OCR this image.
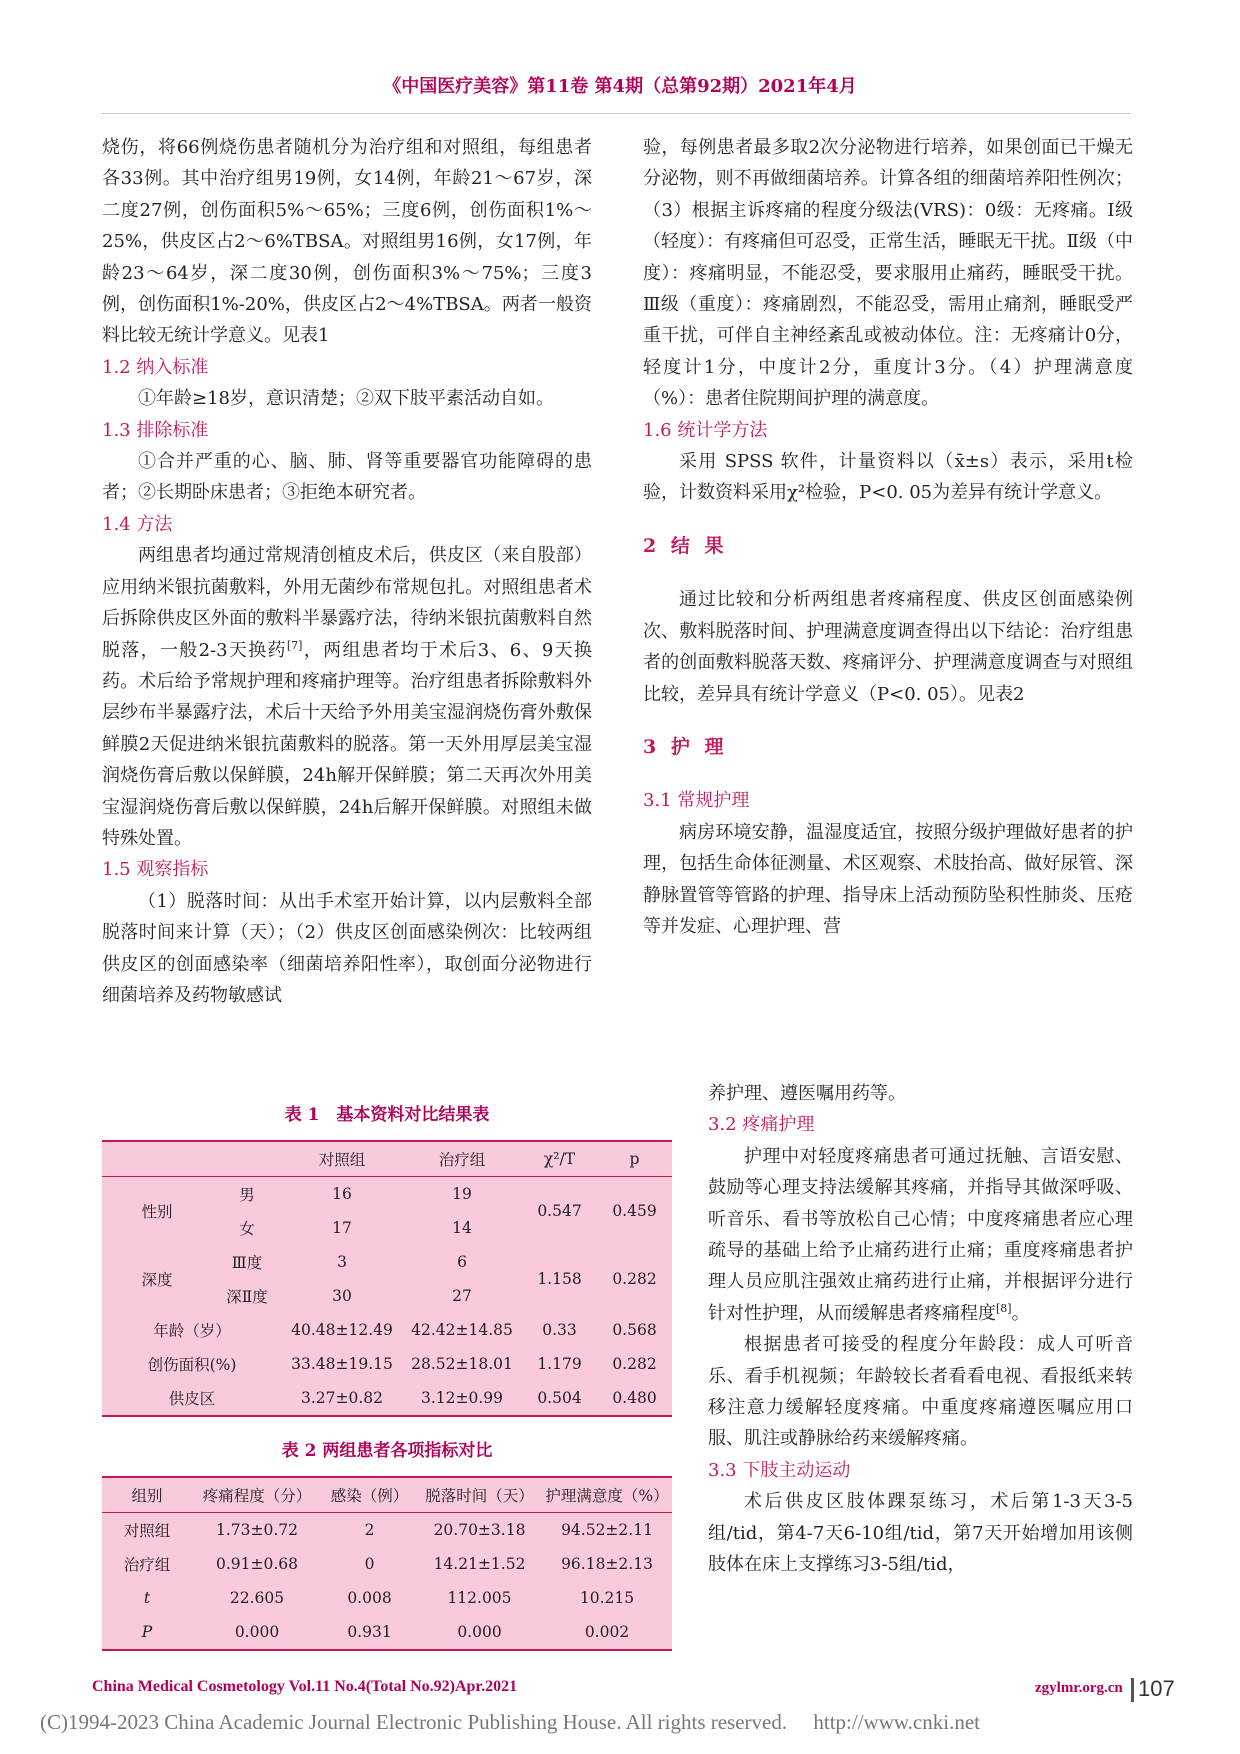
《中国医疗美容》第11卷 第4期（总第92期）2021年4月

烧伤，将66例烧伤患者随机分为治疗组和对照组，每组患者各33例。其中治疗组男19例，女14例，年龄21～67岁，深二度27例，创伤面积5%～65%；三度6例，创伤面积1%～25%，供皮区占2～6%TBSA。对照组男16例，女17例，年龄23～64岁，深二度30例，创伤面积3%～75%；三度3例，创伤面积1%-20%，供皮区占2～4%TBSA。两者一般资料比较无统计学意义。见表1

1.2 纳入标准

①年龄≥18岁，意识清楚；②双下肢平素活动自如。

1.3 排除标准

①合并严重的心、脑、肺、肾等重要器官功能障碍的患者；②长期卧床患者；③拒绝本研究者。

1.4 方法

两组患者均通过常规清创植皮术后，供皮区（来自股部）应用纳米银抗菌敷料，外用无菌纱布常规包扎。对照组患者术后拆除供皮区外面的敷料半暴露疗法，待纳米银抗菌敷料自然脱落，一般2-3天换药[7]，两组患者均于术后3、6、9天换药。术后给予常规护理和疼痛护理等。治疗组患者拆除敷料外层纱布半暴露疗法，术后十天给予外用美宝湿润烧伤膏外敷保鲜膜2天促进纳米银抗菌敷料的脱落。第一天外用厚层美宝湿润烧伤膏后敷以保鲜膜，24h解开保鲜膜；第二天再次外用美宝湿润烧伤膏后敷以保鲜膜，24h后解开保鲜膜。对照组未做特殊处置。

1.5 观察指标

（1）脱落时间：从出手术室开始计算，以内层敷料全部脱落时间来计算（天）；（2）供皮区创面感染例次：比较两组供皮区的创面感染率（细菌培养阳性率），取创面分泌物进行细菌培养及药物敏感试

验，每例患者最多取2次分泌物进行培养，如果创面已干燥无分泌物，则不再做细菌培养。计算各组的细菌培养阳性例次；（3）根据主诉疼痛的程度分级法(VRS)：0级：无疼痛。Ⅰ级（轻度）：有疼痛但可忍受，正常生活，睡眠无干扰。Ⅱ级（中度）：疼痛明显，不能忍受，要求服用止痛药，睡眠受干扰。Ⅲ级（重度）：疼痛剧烈，不能忍受，需用止痛剂，睡眠受严重干扰，可伴自主神经紊乱或被动体位。注：无疼痛计0分，轻度计1分，中度计2分，重度计3分。（4）护理满意度（%）：患者住院期间护理的满意度。

1.6 统计学方法

采用 SPSS 软件，计量资料以（x̄±s）表示，采用t检验，计数资料采用χ²检验，P<0. 05为差异有统计学意义。

2 结 果

通过比较和分析两组患者疼痛程度、供皮区创面感染例次、敷料脱落时间、护理满意度调查得出以下结论：治疗组患者的创面敷料脱落天数、疼痛评分、护理满意度调查与对照组比较，差异具有统计学意义（P<0. 05）。见表2

3 护 理

3.1 常规护理

病房环境安静，温湿度适宜，按照分级护理做好患者的护理，包括生命体征测量、术区观察、术肢抬高、做好尿管、深静脉置管等管路的护理、指导床上活动预防坠积性肺炎、压疮等并发症、心理护理、营

养护理、遵医嘱用药等。

3.2 疼痛护理

护理中对轻度疼痛患者可通过抚触、言语安慰、鼓励等心理支持法缓解其疼痛，并指导其做深呼吸、听音乐、看书等放松自己心情；中度疼痛患者应心理疏导的基础上给予止痛药进行止痛；重度疼痛患者护理人员应肌注强效止痛药进行止痛，并根据评分进行针对性护理，从而缓解患者疼痛程度[8]。

根据患者可接受的程度分年龄段：成人可听音乐、看手机视频；年龄较长者看看电视、看报纸来转移注意力缓解轻度疼痛。中重度疼痛遵医嘱应用口服、肌注或静脉给药来缓解疼痛。

3.3 下肢主动运动

术后供皮区肢体踝泵练习，术后第1-3天3-5组/tid，第4-7天6-10组/tid，第7天开始增加用该侧肢体在床上支撑练习3-5组/tid，

表 1　基本资料对比结果表
		对照组	治疗组	χ²/T	p
性别	男	16	19	0.547	0.459
	女	17	14		
深度	Ⅲ度	3	6	1.158	0.282
	深Ⅱ度	30	27		
年龄（岁）		40.48±12.49	42.42±14.85	0.33	0.568
创伤面积(%)		33.48±19.15	28.52±18.01	1.179	0.282
供皮区		3.27±0.82	3.12±0.99	0.504	0.480
表 2 两组患者各项指标对比
组别	疼痛程度（分）	感染（例）	脱落时间（天）	护理满意度（%）
对照组	1.73±0.72	2	20.70±3.18	94.52±2.11
治疗组	0.91±0.68	0	14.21±1.52	96.18±2.13
t	22.605	0.008	112.005	10.215
P	0.000	0.931	0.000	0.002
China Medical Cosmetology Vol.11 No.4(Total No.92)Apr.2021	zgylmr.org.cn 107
(C)1994-2023 China Academic Journal Electronic Publishing House. All rights reserved.　 http://www.cnki.net
